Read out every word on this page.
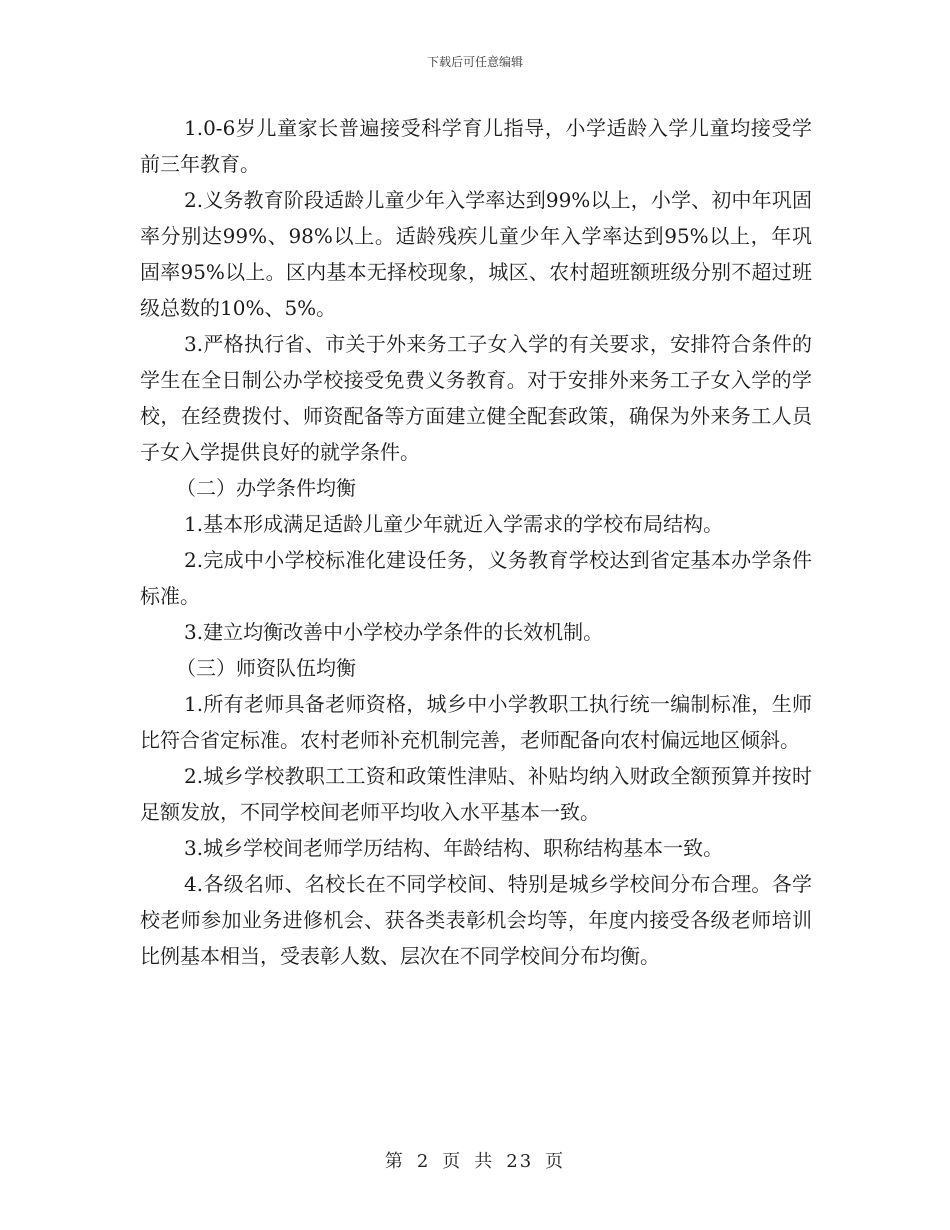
下载后可任意编辑

1.0-6岁儿童家长普遍接受科学育儿指导，小学适龄入学儿童均接受学前三年教育。

2.义务教育阶段适龄儿童少年入学率达到99%以上，小学、初中年巩固率分别达99%、98%以上。适龄残疾儿童少年入学率达到95%以上，年巩固率95%以上。区内基本无择校现象，城区、农村超班额班级分别不超过班级总数的10%、5%。

3.严格执行省、市关于外来务工子女入学的有关要求，安排符合条件的学生在全日制公办学校接受免费义务教育。对于安排外来务工子女入学的学校，在经费拨付、师资配备等方面建立健全配套政策，确保为外来务工人员子女入学提供良好的就学条件。

（二）办学条件均衡

1.基本形成满足适龄儿童少年就近入学需求的学校布局结构。

2.完成中小学校标准化建设任务，义务教育学校达到省定基本办学条件标准。

3.建立均衡改善中小学校办学条件的长效机制。

（三）师资队伍均衡

1.所有老师具备老师资格，城乡中小学教职工执行统一编制标准，生师比符合省定标准。农村老师补充机制完善，老师配备向农村偏远地区倾斜。

2.城乡学校教职工工资和政策性津贴、补贴均纳入财政全额预算并按时足额发放，不同学校间老师平均收入水平基本一致。

3.城乡学校间老师学历结构、年龄结构、职称结构基本一致。

4.各级名师、名校长在不同学校间、特别是城乡学校间分布合理。各学校老师参加业务进修机会、获各类表彰机会均等，年度内接受各级老师培训比例基本相当，受表彰人数、层次在不同学校间分布均衡。

第 2 页 共 23 页
